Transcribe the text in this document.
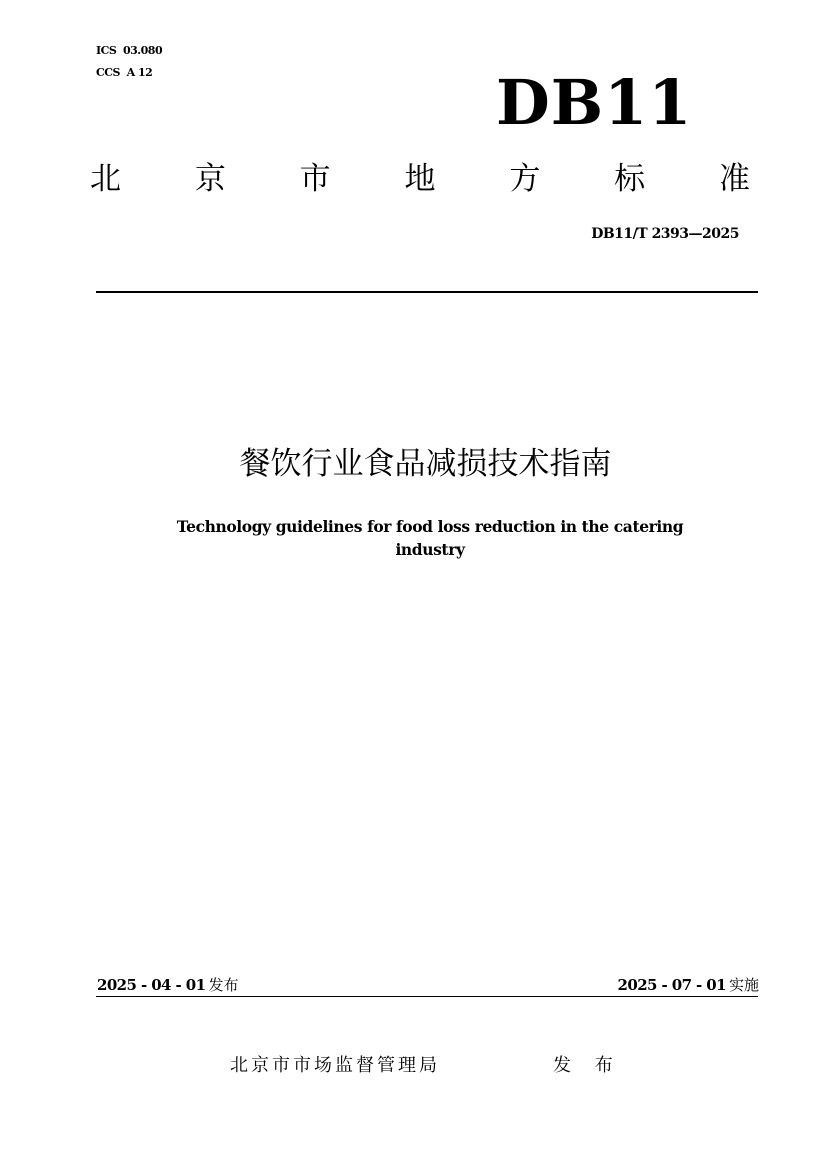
ICS  03.080
CCS  A 12	DB11
北 京 市 地 方 标 准
DB11/T 2393—2025
餐饮行业食品减损技术指南
Technology guidelines for food loss reduction in the catering
industry
2025 - 04 - 01 发布	2025 - 07 - 01 实施
北京市市场监督管理局	发 布
